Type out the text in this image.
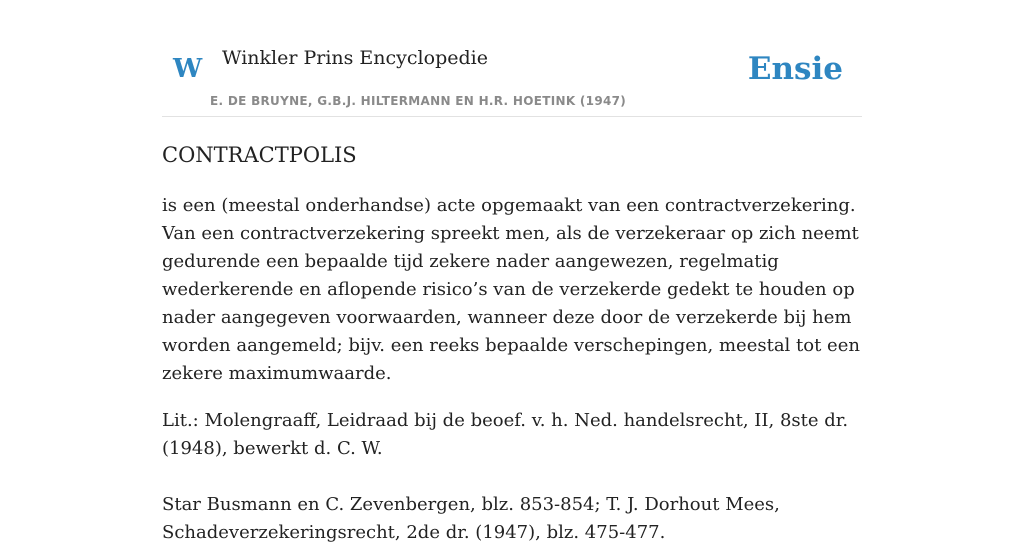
W Winkler Prins Encyclopedie
E. DE BRUYNE, G.B.J. HILTERMANN EN H.R. HOETINK (1947)
Ensie
CONTRACTPOLIS

is een (meestal onderhandse) acte opgemaakt van een contractverzekering. Van een contractverzekering spreekt men, als de verzekeraar op zich neemt gedurende een bepaalde tijd zekere nader aangewezen, regelmatig wederkerende en aflopende risico’s van de verzekerde gedekt te houden op nader aangegeven voorwaarden, wanneer deze door de verzekerde bij hem worden aangemeld; bijv. een reeks bepaalde verschepingen, meestal tot een zekere maximumwaarde.

Lit.: Molengraaff, Leidraad bij de beoef. v. h. Ned. handelsrecht, II, 8ste dr. (1948), bewerkt d. C. W.

Star Busmann en C. Zevenbergen, blz. 853-854; T. J. Dorhout Mees, Schadeverzekeringsrecht, 2de dr. (1947), blz. 475-477.
